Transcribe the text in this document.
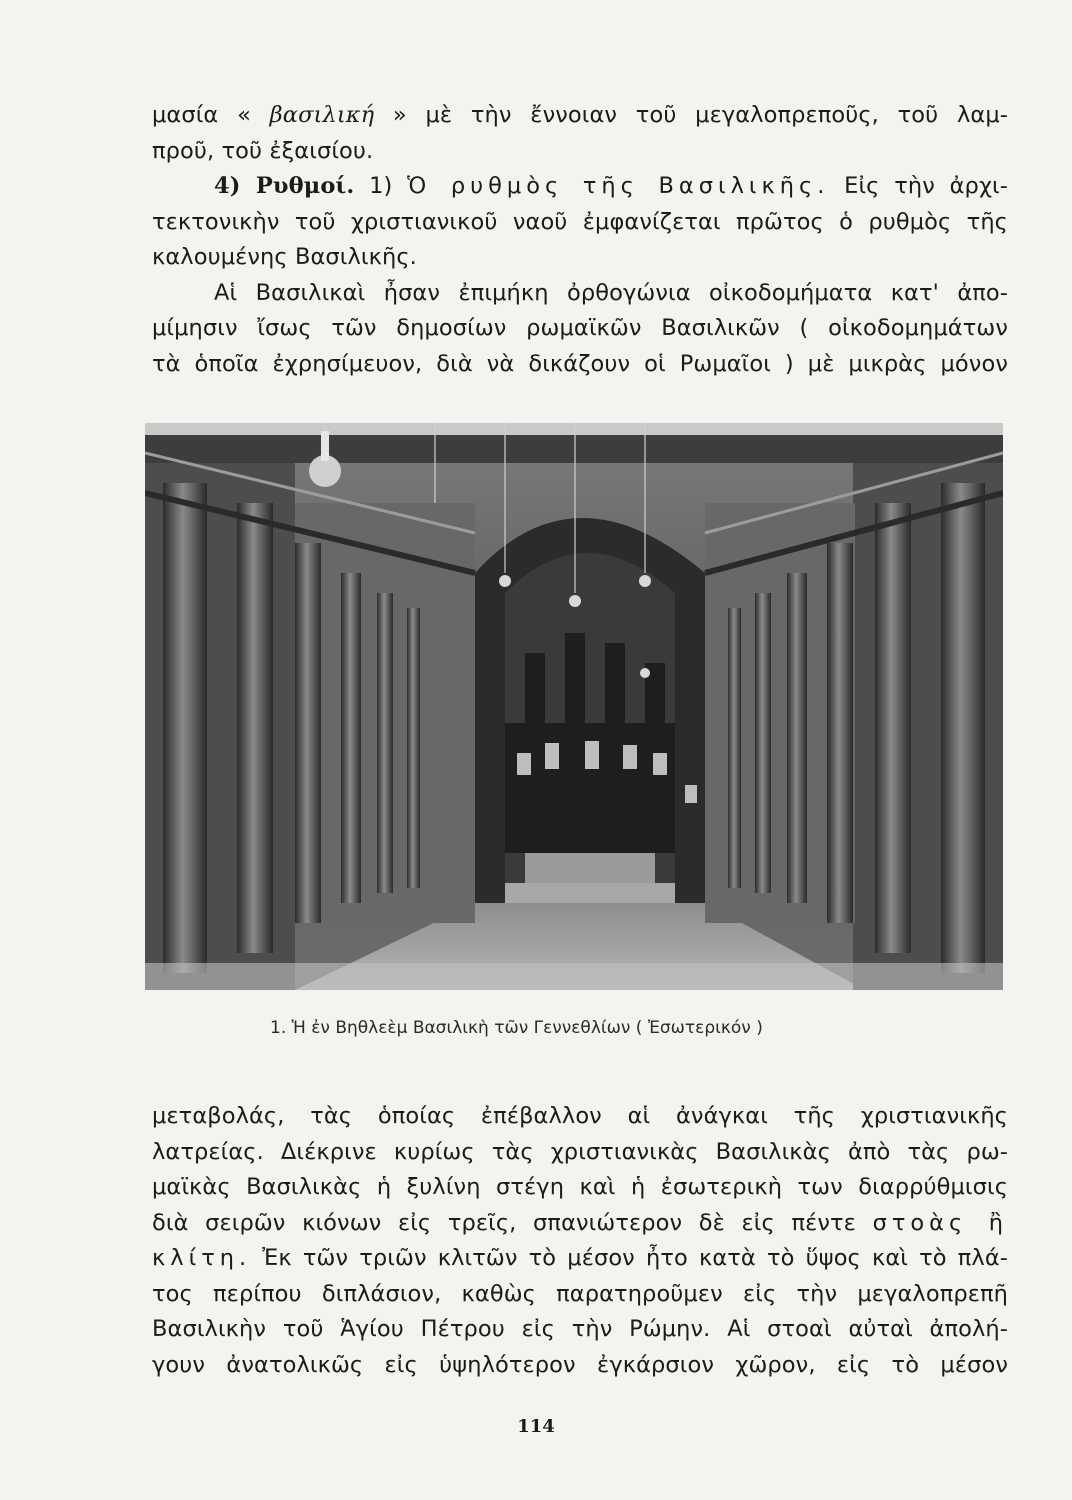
μασία « βασιλική » μὲ τὴν ἔννοιαν τοῦ μεγαλοπρεποῦς, τοῦ λαμ-
προῦ, τοῦ ἐξαισίου.
4) Ρυθμοί. 1) Ὁ ρυθμὸς τῆς Βασιλικῆς. Εἰς τὴν ἀρχι-
τεκτονικὴν τοῦ χριστιανικοῦ ναοῦ ἐμφανίζεται πρῶτος ὁ ρυθμὸς τῆς
καλουμένης Βασιλικῆς.
Αἱ Βασιλικαὶ ἦσαν ἐπιμήκη ὀρθογώνια οἰκοδομήματα κατ' ἀπο-
μίμησιν ἴσως τῶν δημοσίων ρωμαϊκῶν Βασιλικῶν ( οἰκοδομημάτων
τὰ ὁποῖα ἐχρησίμευον, διὰ νὰ δικάζουν οἱ Ρωμαῖοι ) μὲ μικρὰς μόνον
1. Ἡ ἐν Βηθλεὲμ Βασιλικὴ τῶν Γεννεθλίων ( Ἐσωτερικόν )
μεταβολάς, τὰς ὁποίας ἐπέβαλλον αἱ ἀνάγκαι τῆς χριστιανικῆς
λατρείας. Διέκρινε κυρίως τὰς χριστιανικὰς Βασιλικὰς ἀπὸ τὰς ρω-
μαϊκὰς Βασιλικὰς ἡ ξυλίνη στέγη καὶ ἡ ἐσωτερικὴ των διαρρύθμισις
διὰ σειρῶν κιόνων εἰς τρεῖς, σπανιώτερον δὲ εἰς πέντε στοὰς ἢ
κλίτη. Ἐκ τῶν τριῶν κλιτῶν τὸ μέσον ἦτο κατὰ τὸ ὕψος καὶ τὸ πλά-
τος περίπου διπλάσιον, καθὼς παρατηροῦμεν εἰς τὴν μεγαλοπρεπῆ
Βασιλικὴν τοῦ Ἁγίου Πέτρου εἰς τὴν Ρώμην. Αἱ στοαὶ αὐταὶ ἀπολή-
γουν ἀνατολικῶς εἰς ὑψηλότερον ἐγκάρσιον χῶρον, εἰς τὸ μέσον
114
